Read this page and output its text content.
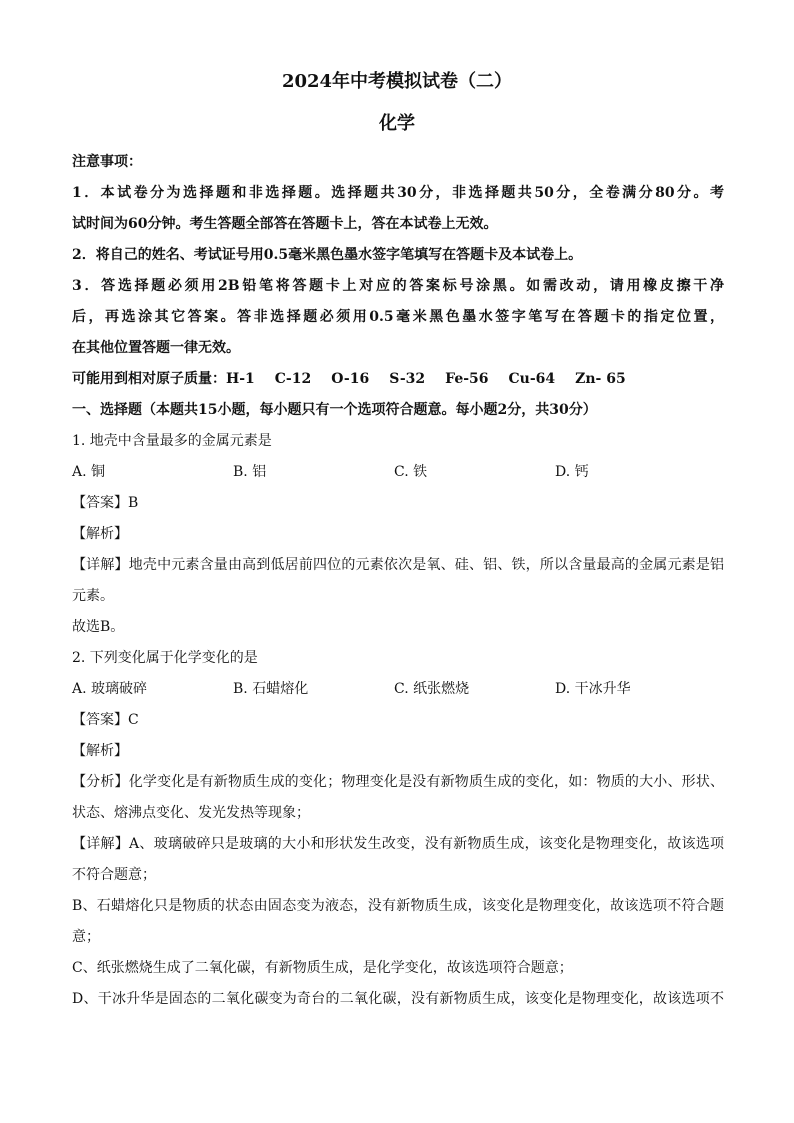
2024年中考模拟试卷（二）
化学
注意事项：
1．本试卷分为选择题和非选择题。选择题共30分，非选择题共50分，全卷满分80分。考
试时间为60分钟。考生答题全部答在答题卡上，答在本试卷上无效。
2．将自己的姓名、考试证号用0.5毫米黑色墨水签字笔填写在答题卡及本试卷上。
3．答选择题必须用2B铅笔将答题卡上对应的答案标号涂黑。如需改动，请用橡皮擦干净
后，再选涂其它答案。答非选择题必须用0.5毫米黑色墨水签字笔写在答题卡的指定位置，
在其他位置答题一律无效。
可能用到相对原子质量：H-1 C-12 O-16 S-32 Fe-56 Cu-64 Zn- 65
一、选择题（本题共15小题，每小题只有一个选项符合题意。每小题2分，共30分）
1. 地壳中含量最多的金属元素是
A. 铜	B. 铝	C. 铁	D. 钙
【答案】B
【解析】
【详解】地壳中元素含量由高到低居前四位的元素依次是氧、硅、铝、铁，所以含量最高的金属元素是铝
元素。
故选B。
2. 下列变化属于化学变化的是
A. 玻璃破碎	B. 石蜡熔化	C. 纸张燃烧	D. 干冰升华
【答案】C
【解析】
【分析】化学变化是有新物质生成的变化；物理变化是没有新物质生成的变化，如：物质的大小、形状、
状态、熔沸点变化、发光发热等现象；
【详解】A、玻璃破碎只是玻璃的大小和形状发生改变，没有新物质生成，该变化是物理变化，故该选项
不符合题意；
B、石蜡熔化只是物质的状态由固态变为液态，没有新物质生成，该变化是物理变化，故该选项不符合题
意；
C、纸张燃烧生成了二氧化碳，有新物质生成，是化学变化，故该选项符合题意；
D、干冰升华是固态的二氧化碳变为奇台的二氧化碳，没有新物质生成，该变化是物理变化，故该选项不
